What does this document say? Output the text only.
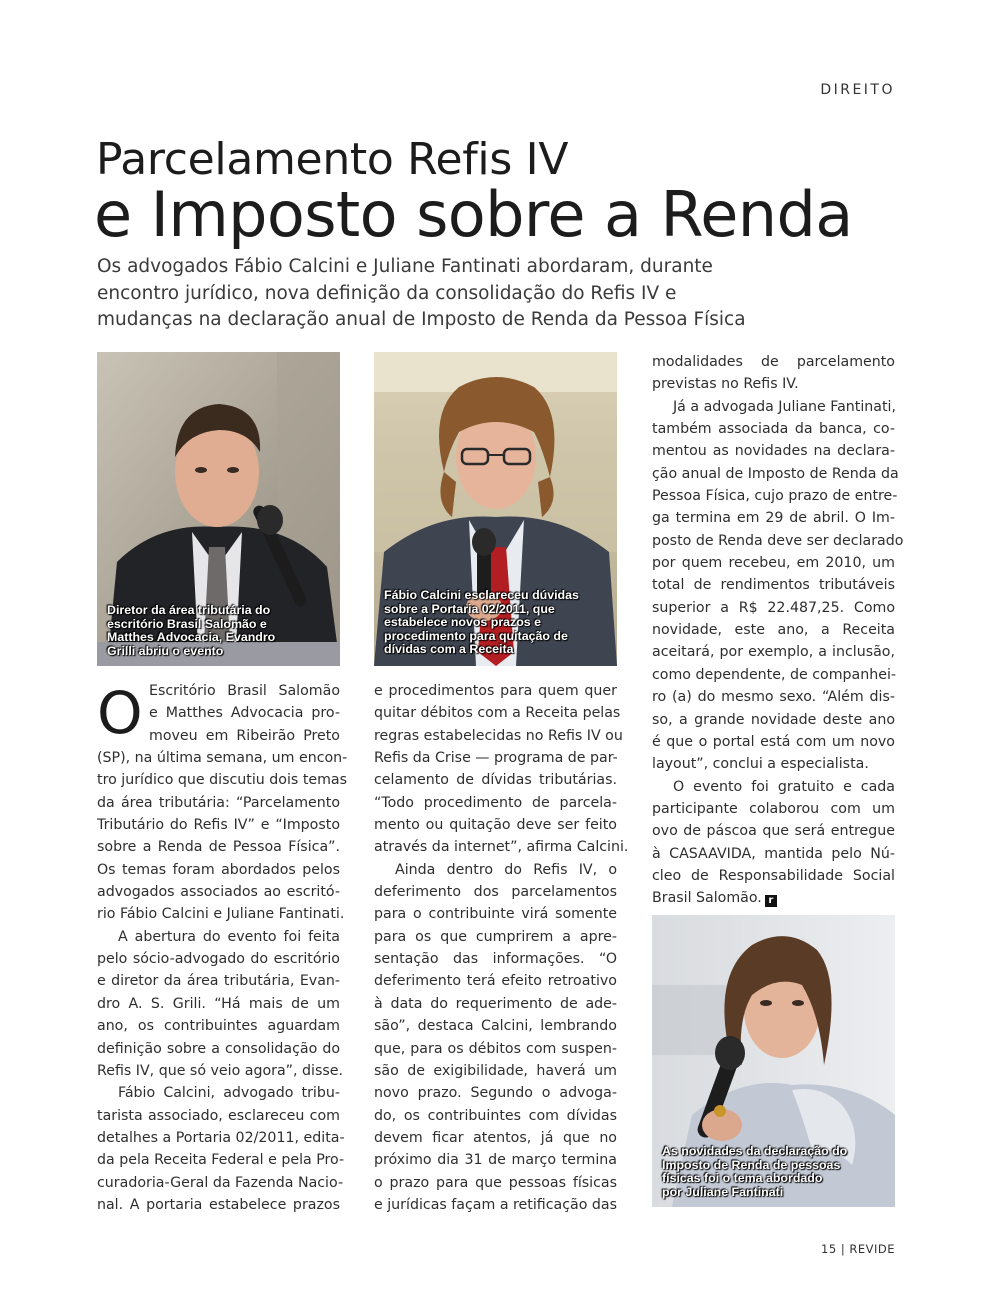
DIREITO
Parcelamento Refis IV
e Imposto sobre a Renda
Os advogados Fábio Calcini e Juliane Fantinati abordaram, durante
encontro jurídico, nova definição da consolidação do Refis IV e
mudanças na declaração anual de Imposto de Renda da Pessoa Física
Diretor da área tributária do
escritório Brasil Salomão e
Matthes Advocacia, Evandro
Grilli abriu o evento
Fábio Calcini esclareceu dúvidas
sobre a Portaria 02/2011, que
estabelece novos prazos e
procedimento para quitação de
dívidas com a Receita
As novidades da declaração do
Imposto de Renda de pessoas
físicas foi o tema abordado
por Juliane Fantinati
O Escritório Brasil Salomão
e Matthes Advocacia pro-
moveu em Ribeirão Preto
(SP), na última semana, um encon-
tro jurídico que discutiu dois temas
da área tributária: “Parcelamento
Tributário do Refis IV” e “Imposto
sobre a Renda de Pessoa Física”.
Os temas foram abordados pelos
advogados associados ao escritó-
rio Fábio Calcini e Juliane Fantinati.
A abertura do evento foi feita
pelo sócio-advogado do escritório
e diretor da área tributária, Evan-
dro A. S. Grili. “Há mais de um
ano, os contribuintes aguardam
definição sobre a consolidação do
Refis IV, que só veio agora”, disse.
Fábio Calcini, advogado tribu-
tarista associado, esclareceu com
detalhes a Portaria 02/2011, edita-
da pela Receita Federal e pela Pro-
curadoria-Geral da Fazenda Nacio-
nal. A portaria estabelece prazos
e procedimentos para quem quer
quitar débitos com a Receita pelas
regras estabelecidas no Refis IV ou
Refis da Crise — programa de par-
celamento de dívidas tributárias.
“Todo procedimento de parcela-
mento ou quitação deve ser feito
através da internet”, afirma Calcini.
Ainda dentro do Refis IV, o
deferimento dos parcelamentos
para o contribuinte virá somente
para os que cumprirem a apre-
sentação das informações. “O
deferimento terá efeito retroativo
à data do requerimento de ade-
são”, destaca Calcini, lembrando
que, para os débitos com suspen-
são de exigibilidade, haverá um
novo prazo. Segundo o advoga-
do, os contribuintes com dívidas
devem ficar atentos, já que no
próximo dia 31 de março termina
o prazo para que pessoas físicas
e jurídicas façam a retificação das
modalidades de parcelamento
previstas no Refis IV.
Já a advogada Juliane Fantinati,
também associada da banca, co-
mentou as novidades na declara-
ção anual de Imposto de Renda da
Pessoa Física, cujo prazo de entre-
ga termina em 29 de abril. O Im-
posto de Renda deve ser declarado
por quem recebeu, em 2010, um
total de rendimentos tributáveis
superior a R$ 22.487,25. Como
novidade, este ano, a Receita
aceitará, por exemplo, a inclusão,
como dependente, de companhei-
ro (a) do mesmo sexo. “Além dis-
so, a grande novidade deste ano
é que o portal está com um novo
layout”, conclui a especialista.
O evento foi gratuito e cada
participante colaborou com um
ovo de páscoa que será entregue
à CASAAVIDA, mantida pelo Nú-
cleo de Responsabilidade Social
Brasil Salomão. r
15 | REVIDE
